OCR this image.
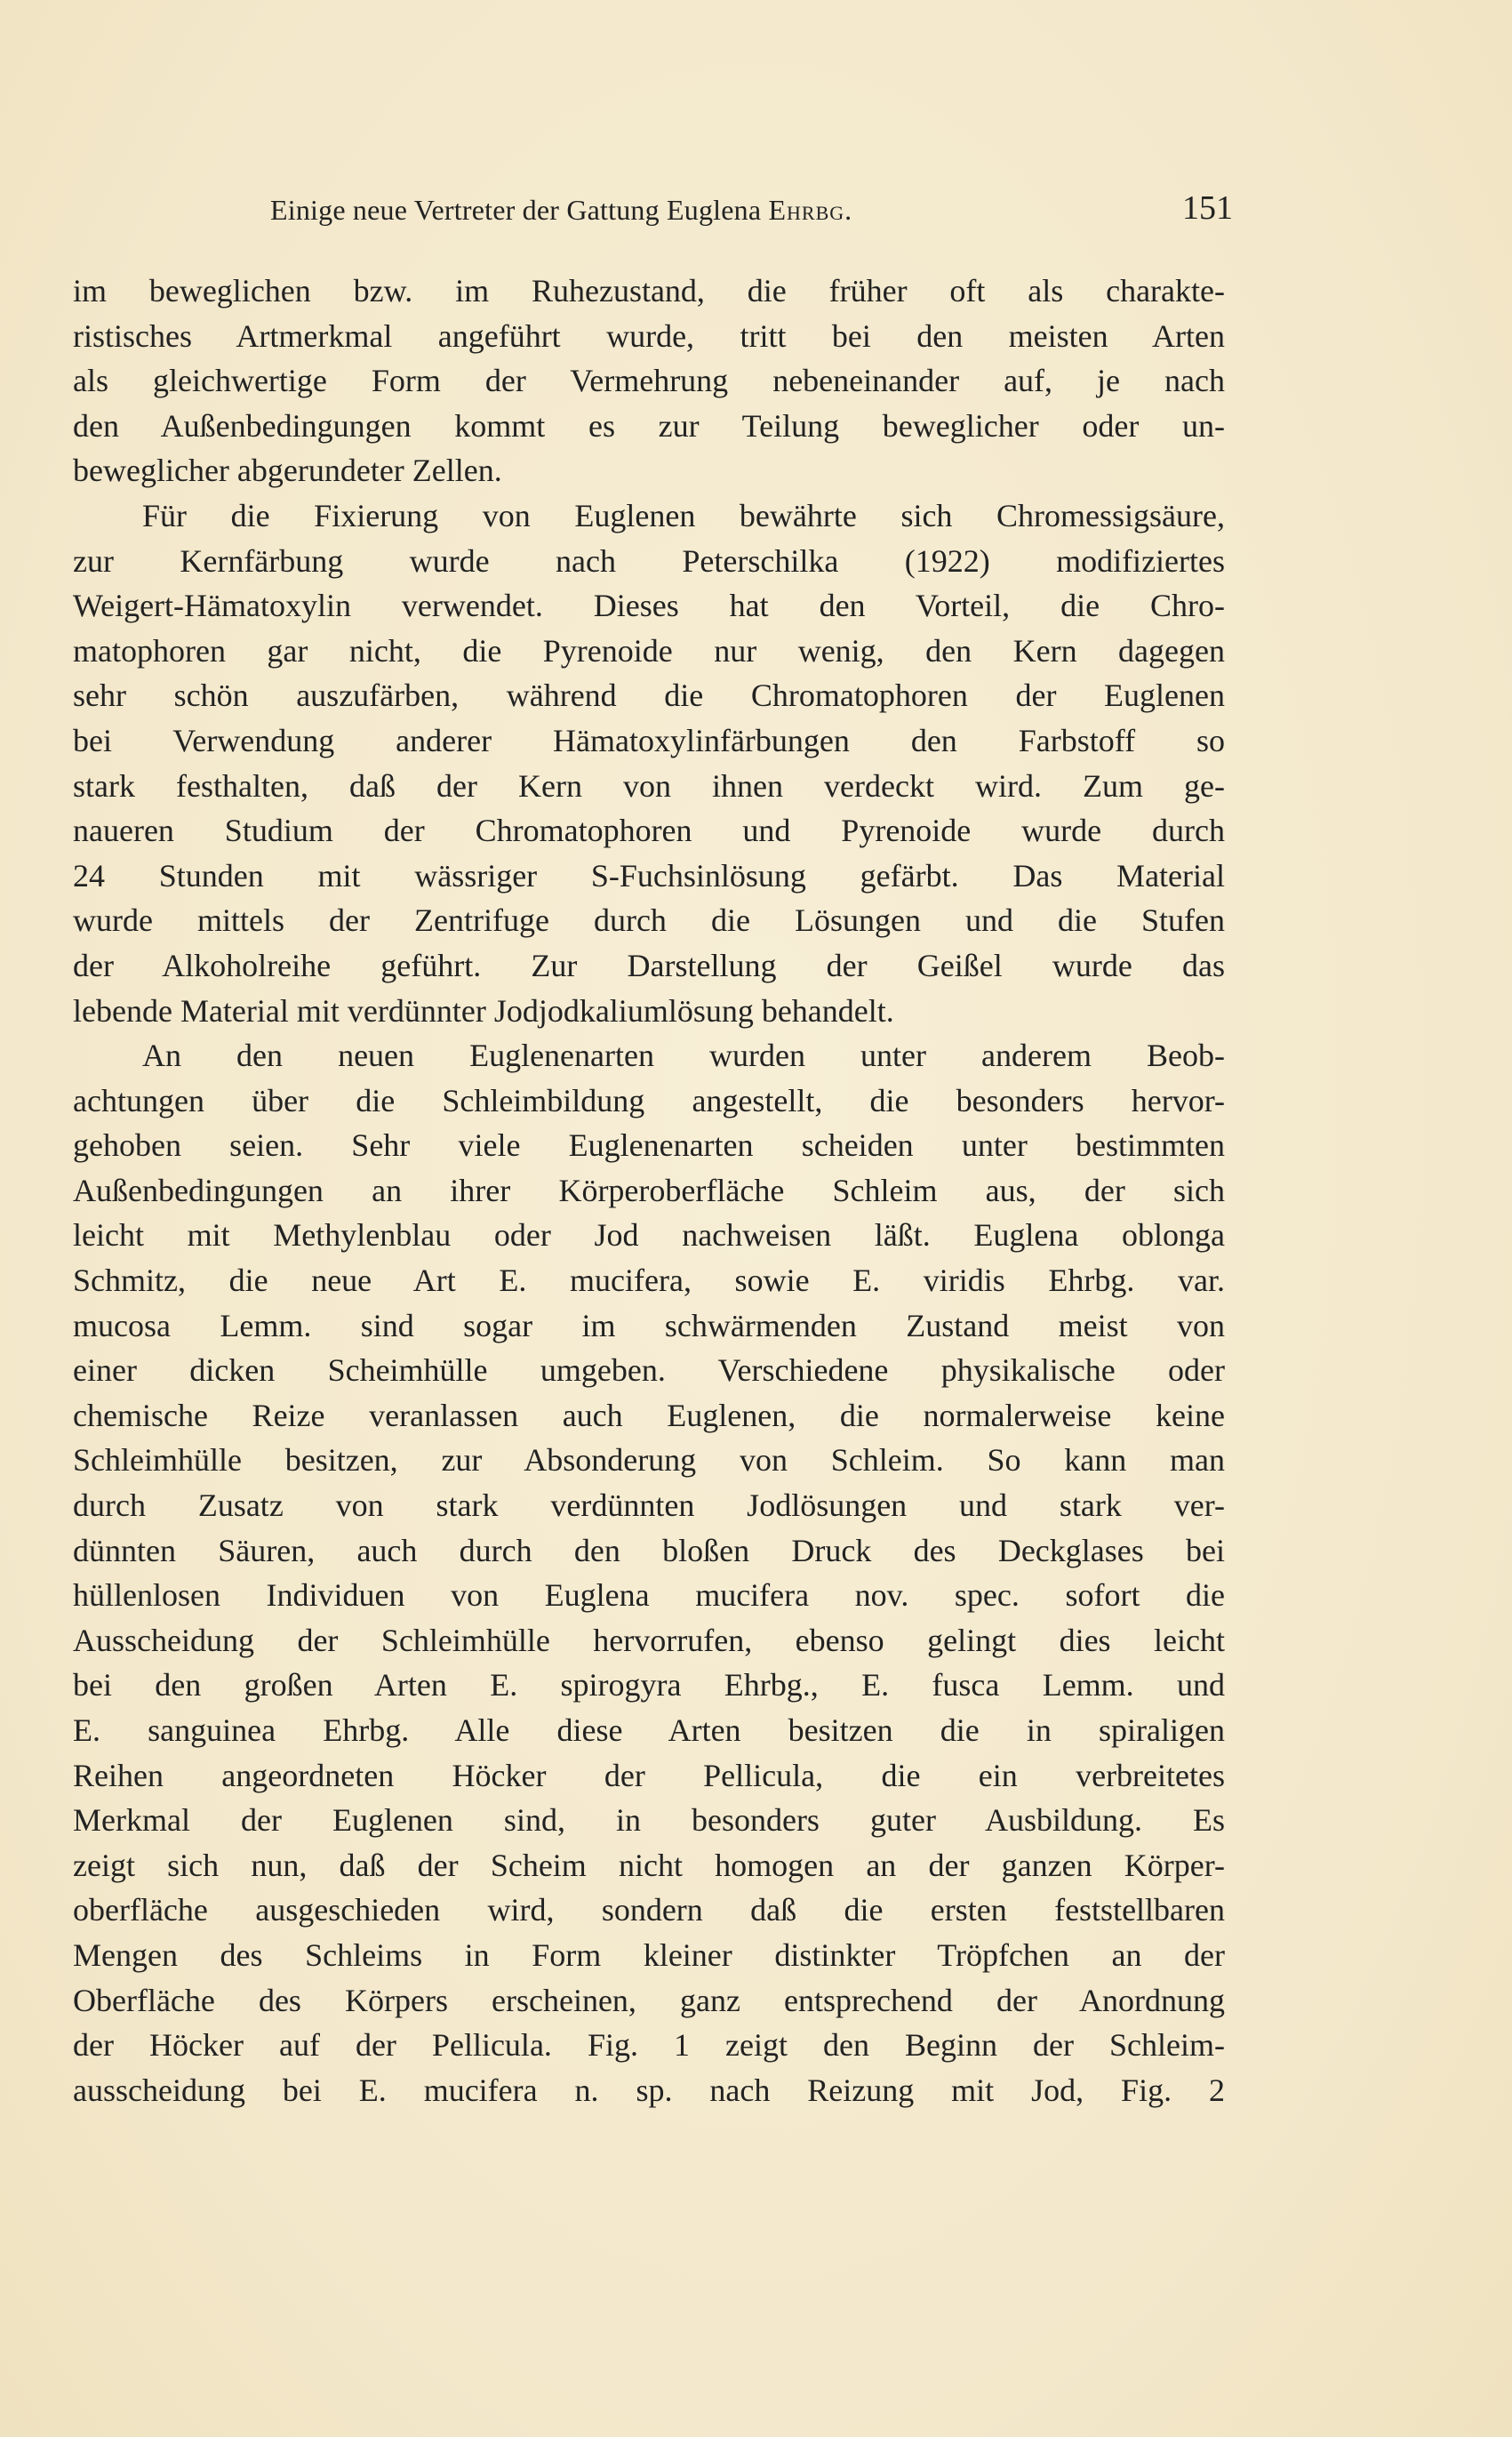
Einige neue Vertreter der Gattung Euglena Ehrbg.	151
im beweglichen bzw. im Ruhezustand, die früher oft als charakte-
ristisches Artmerkmal angeführt wurde, tritt bei den meisten Arten
als gleichwertige Form der Vermehrung nebeneinander auf, je nach
den Außenbedingungen kommt es zur Teilung beweglicher oder un-
beweglicher abgerundeter Zellen.
Für die Fixierung von Euglenen bewährte sich Chromessigsäure,
zur Kernfärbung wurde nach Peterschilka (1922) modifiziertes
Weigert-Hämatoxylin verwendet. Dieses hat den Vorteil, die Chro-
matophoren gar nicht, die Pyrenoide nur wenig, den Kern dagegen
sehr schön auszufärben, während die Chromatophoren der Euglenen
bei Verwendung anderer Hämatoxylinfärbungen den Farbstoff so
stark festhalten, daß der Kern von ihnen verdeckt wird. Zum ge-
naueren Studium der Chromatophoren und Pyrenoide wurde durch
24 Stunden mit wässriger S-Fuchsinlösung gefärbt. Das Material
wurde mittels der Zentrifuge durch die Lösungen und die Stufen
der Alkoholreihe geführt. Zur Darstellung der Geißel wurde das
lebende Material mit verdünnter Jodjodkaliumlösung behandelt.
An den neuen Euglenenarten wurden unter anderem Beob-
achtungen über die Schleimbildung angestellt, die besonders hervor-
gehoben seien. Sehr viele Euglenenarten scheiden unter bestimmten
Außenbedingungen an ihrer Körperoberfläche Schleim aus, der sich
leicht mit Methylenblau oder Jod nachweisen läßt. Euglena oblonga
Schmitz, die neue Art E. mucifera, sowie E. viridis Ehrbg. var.
mucosa Lemm. sind sogar im schwärmenden Zustand meist von
einer dicken Scheimhülle umgeben. Verschiedene physikalische oder
chemische Reize veranlassen auch Euglenen, die normalerweise keine
Schleimhülle besitzen, zur Absonderung von Schleim. So kann man
durch Zusatz von stark verdünnten Jodlösungen und stark ver-
dünnten Säuren, auch durch den bloßen Druck des Deckglases bei
hüllenlosen Individuen von Euglena mucifera nov. spec. sofort die
Ausscheidung der Schleimhülle hervorrufen, ebenso gelingt dies leicht
bei den großen Arten E. spirogyra Ehrbg., E. fusca Lemm. und
E. sanguinea Ehrbg. Alle diese Arten besitzen die in spiraligen
Reihen angeordneten Höcker der Pellicula, die ein verbreitetes
Merkmal der Euglenen sind, in besonders guter Ausbildung. Es
zeigt sich nun, daß der Scheim nicht homogen an der ganzen Körper-
oberfläche ausgeschieden wird, sondern daß die ersten feststellbaren
Mengen des Schleims in Form kleiner distinkter Tröpfchen an der
Oberfläche des Körpers erscheinen, ganz entsprechend der Anordnung
der Höcker auf der Pellicula. Fig. 1 zeigt den Beginn der Schleim-
ausscheidung bei E. mucifera n. sp. nach Reizung mit Jod, Fig. 2
